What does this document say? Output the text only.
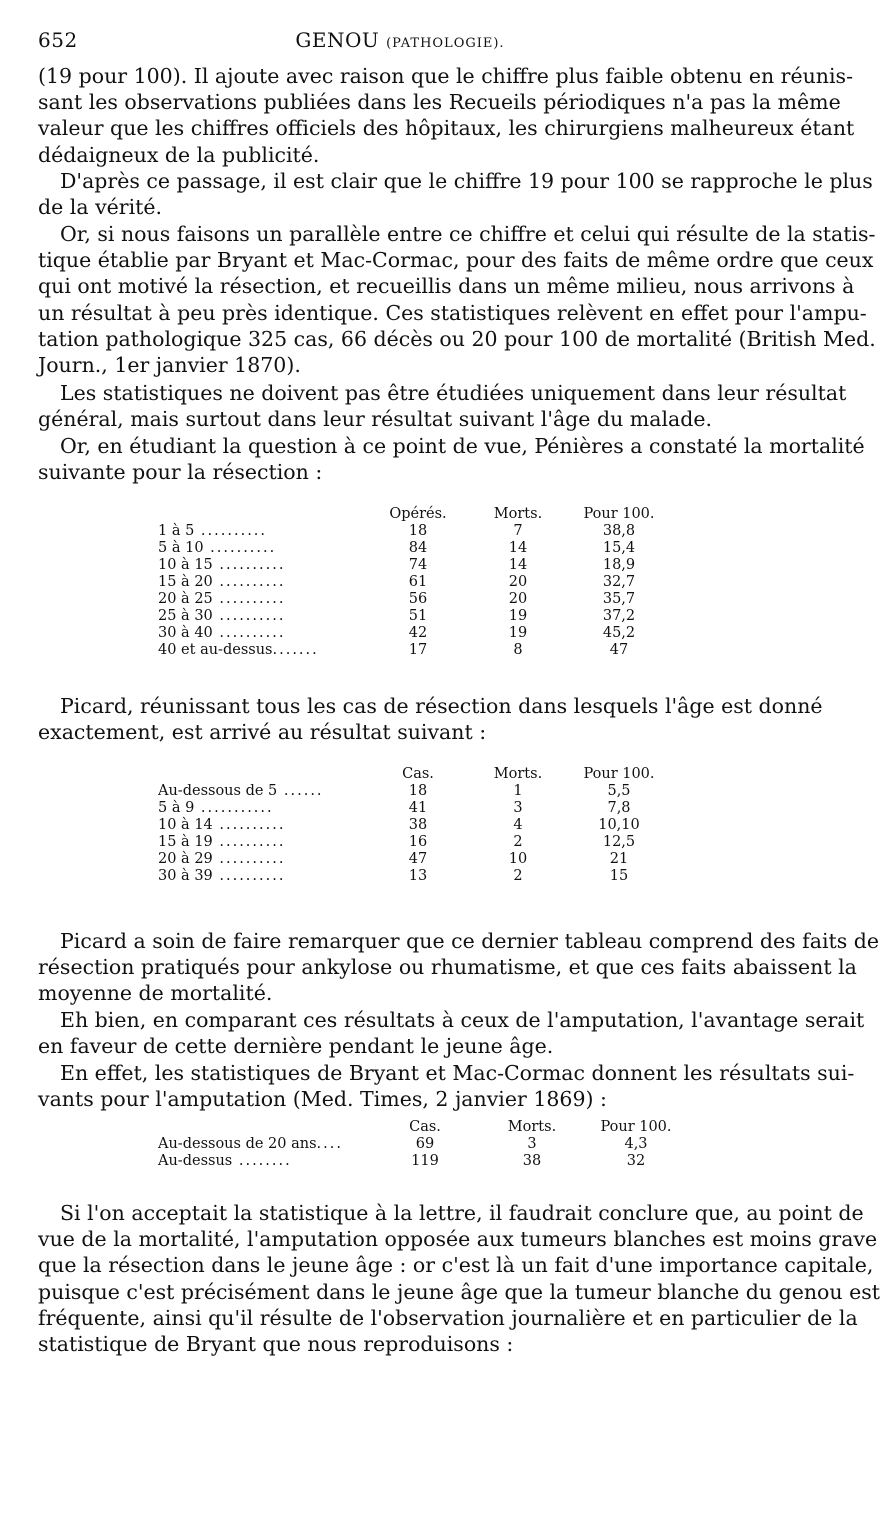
652	GENOU (PATHOLOGIE).

(19 pour 100). Il ajoute avec raison que le chiffre plus faible obtenu en réunis-
sant les observations publiées dans les Recueils périodiques n'a pas la même
valeur que les chiffres officiels des hôpitaux, les chirurgiens malheureux étant
dédaigneux de la publicité.

D'après ce passage, il est clair que le chiffre 19 pour 100 se rapproche le plus
de la vérité.

Or, si nous faisons un parallèle entre ce chiffre et celui qui résulte de la statis-
tique établie par Bryant et Mac-Cormac, pour des faits de même ordre que ceux
qui ont motivé la résection, et recueillis dans un même milieu, nous arrivons à
un résultat à peu près identique. Ces statistiques relèvent en effet pour l'ampu-
tation pathologique 325 cas, 66 décès ou 20 pour 100 de mortalité (British Med.
Journ., 1er janvier 1870).

Les statistiques ne doivent pas être étudiées uniquement dans leur résultat
général, mais surtout dans leur résultat suivant l'âge du malade.

Or, en étudiant la question à ce point de vue, Pénières a constaté la mortalité
suivante pour la résection :

	Opérés.	Morts.	Pour 100.
1 à 5 ..........	18	7	38,8
5 à 10 ..........	84	14	15,4
10 à 15 ..........	74	14	18,9
15 à 20 ..........	61	20	32,7
20 à 25 ..........	56	20	35,7
25 à 30 ..........	51	19	37,2
30 à 40 ..........	42	19	45,2
40 et au-dessus.......	17	8	47

Picard, réunissant tous les cas de résection dans lesquels l'âge est donné
exactement, est arrivé au résultat suivant :

	Cas.	Morts.	Pour 100.
Au-dessous de 5 ......	18	1	5,5
5 à 9 ...........	41	3	7,8
10 à 14 ..........	38	4	10,10
15 à 19 ..........	16	2	12,5
20 à 29 ..........	47	10	21
30 à 39 ..........	13	2	15

Picard a soin de faire remarquer que ce dernier tableau comprend des faits de
résection pratiqués pour ankylose ou rhumatisme, et que ces faits abaissent la
moyenne de mortalité.

Eh bien, en comparant ces résultats à ceux de l'amputation, l'avantage serait
en faveur de cette dernière pendant le jeune âge.

En effet, les statistiques de Bryant et Mac-Cormac donnent les résultats sui-
vants pour l'amputation (Med. Times, 2 janvier 1869) :

	Cas.	Morts.	Pour 100.
Au-dessous de 20 ans....	69	3	4,3
Au-dessus ........	119	38	32

Si l'on acceptait la statistique à la lettre, il faudrait conclure que, au point de
vue de la mortalité, l'amputation opposée aux tumeurs blanches est moins grave
que la résection dans le jeune âge : or c'est là un fait d'une importance capitale,
puisque c'est précisément dans le jeune âge que la tumeur blanche du genou est
fréquente, ainsi qu'il résulte de l'observation journalière et en particulier de la
statistique de Bryant que nous reproduisons :
